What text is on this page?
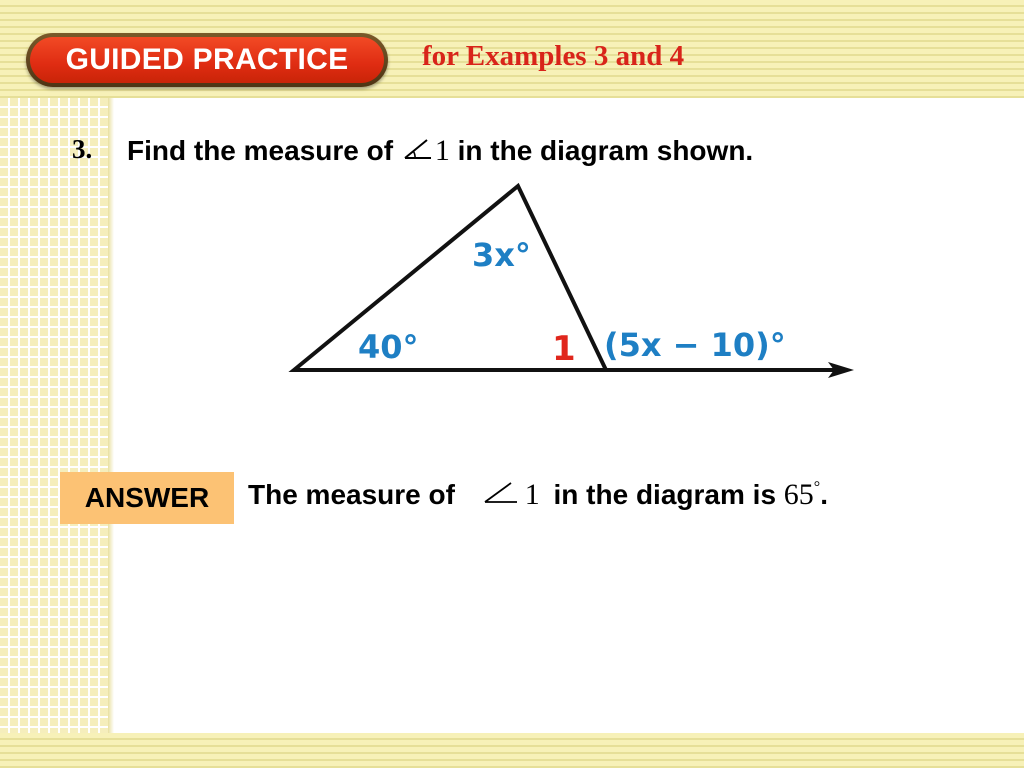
GUIDED PRACTICE	for Examples 3 and 4
3. Find the measure of 1 in the diagram shown.
3x°
40°	1 (5x − 10)°
ANSWER	The measure of 1 in the diagram is 65°.
